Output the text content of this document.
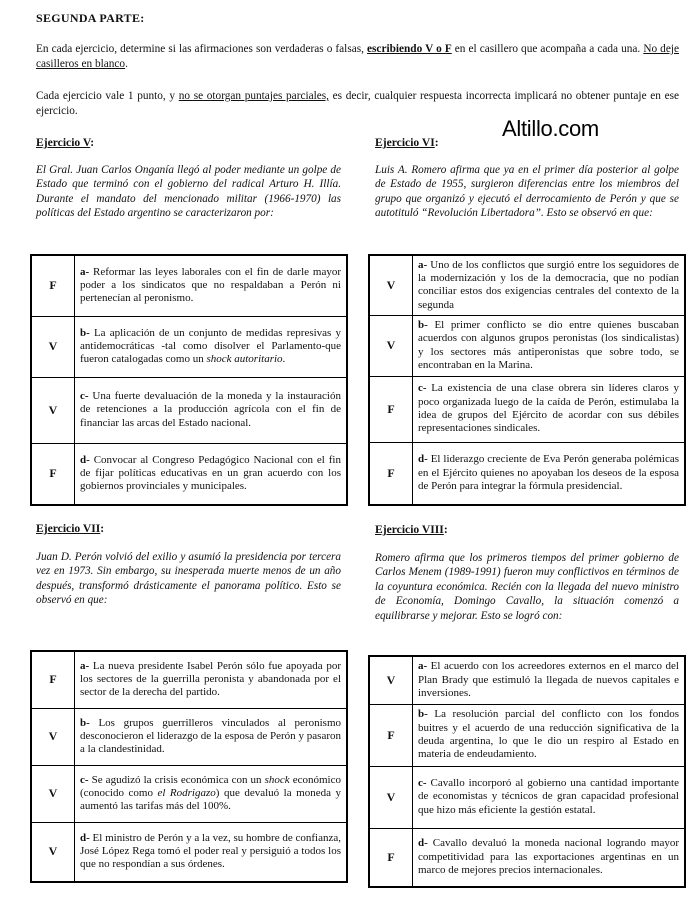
SEGUNDA PARTE:
En cada ejercicio, determine si las afirmaciones son verdaderas o falsas, escribiendo V o F en el casillero que acompaña a cada una. No deje casilleros en blanco.
Cada ejercicio vale 1 punto, y no se otorgan puntajes parciales, es decir, cualquier respuesta incorrecta implicará no obtener puntaje en ese ejercicio.
Altillo.com
Ejercicio V:
El Gral. Juan Carlos Onganía llegó al poder mediante un golpe de Estado que terminó con el gobierno del radical Arturo H. Illía. Durante el mandato del mencionado militar (1966-1970) las políticas del Estado argentino se caracterizaron por:
F	a- Reformar las leyes laborales con el fin de darle mayor poder a los sindicatos que no respaldaban a Perón ni pertenecían al peronismo.
V	b- La aplicación de un conjunto de medidas represivas y antidemocráticas -tal como disolver el Parlamento-que fueron catalogadas como un shock autoritario.
V	c- Una fuerte devaluación de la moneda y la instauración de retenciones a la producción agrícola con el fin de financiar las arcas del Estado nacional.
F	d- Convocar al Congreso Pedagógico Nacional con el fin de fijar políticas educativas en un gran acuerdo con los gobiernos provinciales y municipales.
Ejercicio VI:
Luis A. Romero afirma que ya en el primer día posterior al golpe de Estado de 1955, surgieron diferencias entre los miembros del grupo que organizó y ejecutó el derrocamiento de Perón y que se autotituló “Revolución Libertadora”. Esto se observó en que:
V	a- Uno de los conflictos que surgió entre los seguidores de la modernización y los de la democracia, que no podían conciliar estos dos exigencias centrales del contexto de la segunda
V	b- El primer conflicto se dio entre quienes buscaban acuerdos con algunos grupos peronistas (los sindicalistas) y los sectores más antiperonistas que sobre todo, se encontraban en la Marina.
F	c- La existencia de una clase obrera sin líderes claros y poco organizada luego de la caída de Perón, estimulaba la idea de grupos del Ejército de acordar con sus débiles representaciones sindicales.
F	d- El liderazgo creciente de Eva Perón generaba polémicas en el Ejército quienes no apoyaban los deseos de la esposa de Perón para integrar la fórmula presidencial.
Ejercicio VII:
Juan D. Perón volvió del exilio y asumió la presidencia por tercera vez en 1973. Sin embargo, su inesperada muerte menos de un año después, transformó drásticamente el panorama político. Esto se observó en que:
F	a- La nueva presidente Isabel Perón sólo fue apoyada por los sectores de la guerrilla peronista y abandonada por el sector de la derecha del partido.
V	b- Los grupos guerrilleros vinculados al peronismo desconocieron el liderazgo de la esposa de Perón y pasaron a la clandestinidad.
V	c- Se agudizó la crisis económica con un shock económico (conocido como el Rodrigazo) que devaluó la moneda y aumentó las tarifas más del 100%.
V	d- El ministro de Perón y a la vez, su hombre de confianza, José López Rega tomó el poder real y persiguió a todos los que no respondían a sus órdenes.
Ejercicio VIII:
Romero afirma que los primeros tiempos del primer gobierno de Carlos Menem (1989-1991) fueron muy conflictivos en términos de la coyuntura económica. Recién con la llegada del nuevo ministro de Economía, Domingo Cavallo, la situación comenzó a equilibrarse y mejorar. Esto se logró con:
V	a- El acuerdo con los acreedores externos en el marco del Plan Brady que estimuló la llegada de nuevos capitales e inversiones.
F	b- La resolución parcial del conflicto con los fondos buitres y el acuerdo de una reducción significativa de la deuda argentina, lo que le dio un respiro al Estado en materia de endeudamiento.
V	c- Cavallo incorporó al gobierno una cantidad importante de economistas y técnicos de gran capacidad profesional que hizo más eficiente la gestión estatal.
F	d- Cavallo devaluó la moneda nacional logrando mayor competitividad para las exportaciones argentinas en un marco de mejores precios internacionales.
